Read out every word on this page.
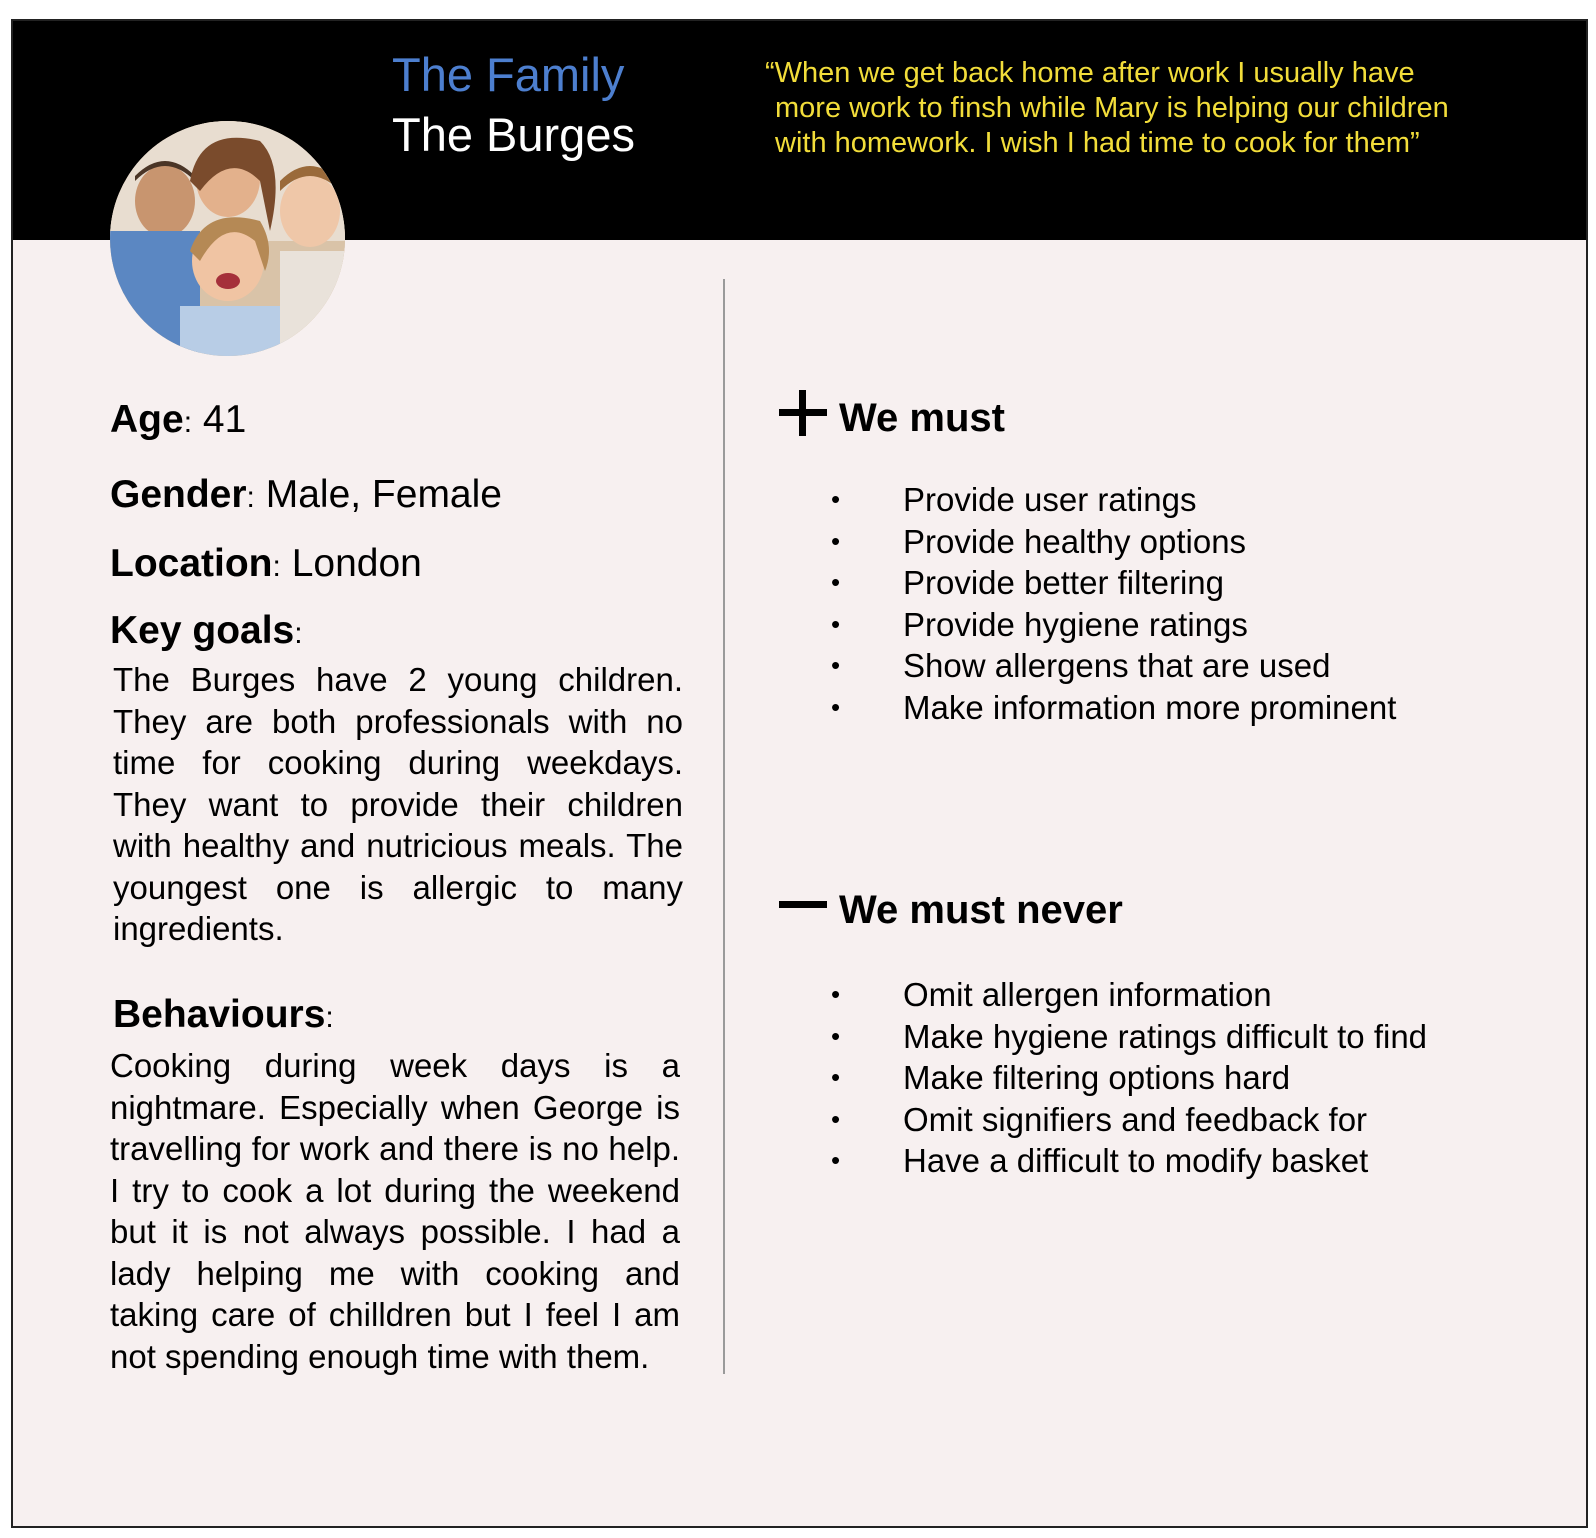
The Family
The Burges
“When we get back home after work I usually have
more work to finsh while Mary is helping our children
with homework. I wish I had time to cook for them”
Age: 41
Gender: Male, Female
Location: London
Key goals:
The Burges have 2 young children. They are both professionals with no time for cooking during weekdays. They want to provide their children with healthy and nutricious meals. The youngest one is allergic to many ingredients.
Behaviours:
Cooking during week days is a nightmare. Especially when George is travelling for work and there is no help. I try to cook a lot during the weekend but it is not always possible. I had a lady helping me with cooking and taking care of chilldren but I feel I am not spending enough time with them.
We must
• Provide user ratings
• Provide healthy options
• Provide better filtering
• Provide hygiene ratings
• Show allergens that are used
• Make information more prominent
We must never
• Omit allergen information
• Make hygiene ratings difficult to find
• Make filtering options hard
• Omit signifiers and feedback for
• Have a difficult to modify basket
